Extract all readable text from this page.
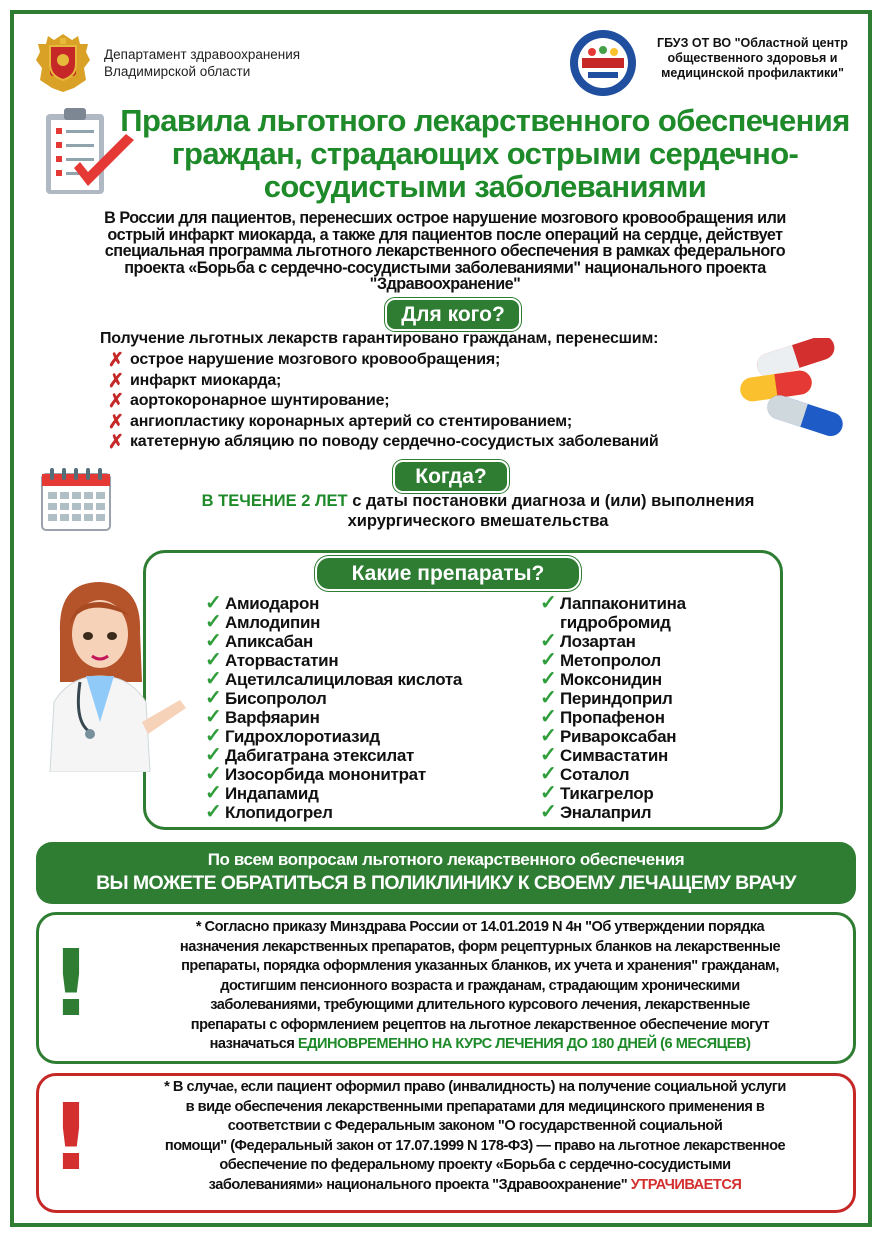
Департамент здравоохранения
Владимирской области
ГБУЗ ОТ ВО "Областной центр
общественного здоровья и
медицинской профилактики"
Правила льготного лекарственного обеспечения
граждан, страдающих острыми сердечно-
сосудистыми заболеваниями
В России для пациентов, перенесших острое нарушение мозгового кровообращения или
острый инфаркт миокарда, а также для пациентов после операций на сердце, действует
специальная программа льготного лекарственного обеспечения в рамках федерального
проекта «Борьба с сердечно-сосудистыми заболеваниями" национального проекта
"Здравоохранение"
Для кого?
Получение льготных лекарств гарантировано гражданам, перенесшим:
✗ острое нарушение мозгового кровообращения;
✗ инфаркт миокарда;
✗ аортокоронарное шунтирование;
✗ ангиопластику коронарных артерий со стентированием;
✗ катетерную абляцию по поводу сердечно-сосудистых заболеваний
Когда?
В ТЕЧЕНИЕ 2 ЛЕТ с даты постановки диагноза и (или) выполнения
хирургического вмешательства
Какие препараты?
✓ Амиодарон
✓ Амлодипин
✓ Апиксабан
✓ Аторвастатин
✓ Ацетилсалициловая кислота
✓ Бисопролол
✓ Варфяарин
✓ Гидрохлоротиазид
✓ Дабигатрана этексилат
✓ Изосорбида мононитрат
✓ Индапамид
✓ Клопидогрел
✓ Лаппаконитина
гидробромид
✓ Лозартан
✓ Метопролол
✓ Моксонидин
✓ Периндоприл
✓ Пропафенон
✓ Ривароксабан
✓ Симвастатин
✓ Соталол
✓ Тикагрелор
✓ Эналаприл
По всем вопросам льготного лекарственного обеспечения
ВЫ МОЖЕТЕ ОБРАТИТЬСЯ В ПОЛИКЛИНИКУ К СВОЕМУ ЛЕЧАЩЕМУ ВРАЧУ
!
* Согласно приказу Минздрава России от 14.01.2019 N 4н "Об утверждении порядка
назначения лекарственных препаратов, форм рецептурных бланков на лекарственные
препараты, порядка оформления указанных бланков, их учета и хранения" гражданам,
достигшим пенсионного возраста и гражданам, страдающим хроническими
заболеваниями, требующими длительного курсового лечения, лекарственные
препараты с оформлением рецептов на льготное лекарственное обеспечение могут
назначаться ЕДИНОВРЕМЕННО НА КУРС ЛЕЧЕНИЯ ДО 180 ДНЕЙ (6 МЕСЯЦЕВ)
!	* В случае, если пациент оформил право (инвалидность) на получение социальной услуги
в виде обеспечения лекарственными препаратами для медицинского применения в
соответствии с Федеральным законом "О государственной социальной
помощи" (Федеральный закон от 17.07.1999 N 178-ФЗ) — право на льготное лекарственное
обеспечение по федеральному проекту «Борьба с сердечно-сосудистыми
заболеваниями» национального проекта "Здравоохранение" УТРАЧИВАЕТСЯ
